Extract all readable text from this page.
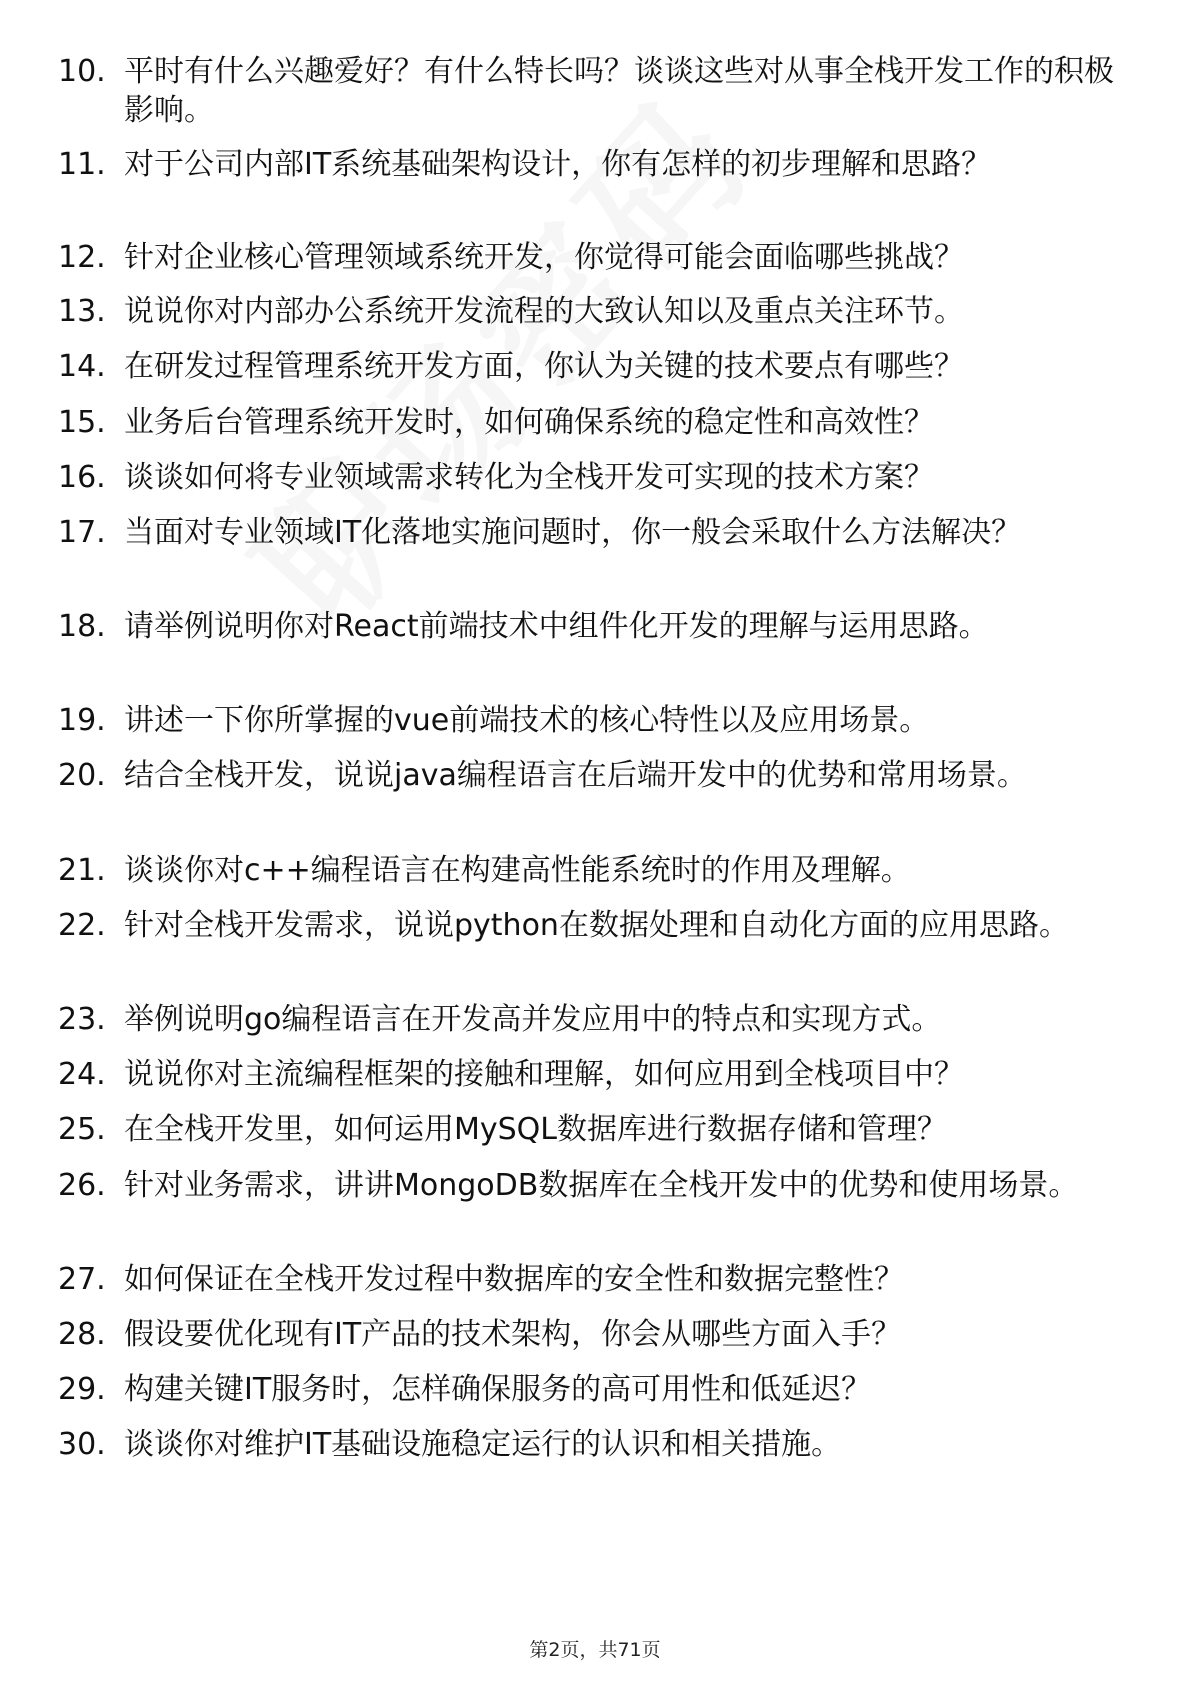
10. 平时有什么兴趣爱好？有什么特长吗？谈谈这些对从事全栈开发工作的积极影响。
11. 对于公司内部IT系统基础架构设计，你有怎样的初步理解和思路？
12. 针对企业核心管理领域系统开发，你觉得可能会面临哪些挑战？
13. 说说你对内部办公系统开发流程的大致认知以及重点关注环节。
14. 在研发过程管理系统开发方面，你认为关键的技术要点有哪些？
15. 业务后台管理系统开发时，如何确保系统的稳定性和高效性？
16. 谈谈如何将专业领域需求转化为全栈开发可实现的技术方案？
17. 当面对专业领域IT化落地实施问题时，你一般会采取什么方法解决？
18. 请举例说明你对React前端技术中组件化开发的理解与运用思路。
19. 讲述一下你所掌握的vue前端技术的核心特性以及应用场景。
20. 结合全栈开发，说说java编程语言在后端开发中的优势和常用场景。
21. 谈谈你对c++编程语言在构建高性能系统时的作用及理解。
22. 针对全栈开发需求，说说python在数据处理和自动化方面的应用思路。
23. 举例说明go编程语言在开发高并发应用中的特点和实现方式。
24. 说说你对主流编程框架的接触和理解，如何应用到全栈项目中？
25. 在全栈开发里，如何运用MySQL数据库进行数据存储和管理？
26. 针对业务需求，讲讲MongoDB数据库在全栈开发中的优势和使用场景。
27. 如何保证在全栈开发过程中数据库的安全性和数据完整性？
28. 假设要优化现有IT产品的技术架构，你会从哪些方面入手？
29. 构建关键IT服务时，怎样确保服务的高可用性和低延迟？
30. 谈谈你对维护IT基础设施稳定运行的认识和相关措施。
第2页，共71页
